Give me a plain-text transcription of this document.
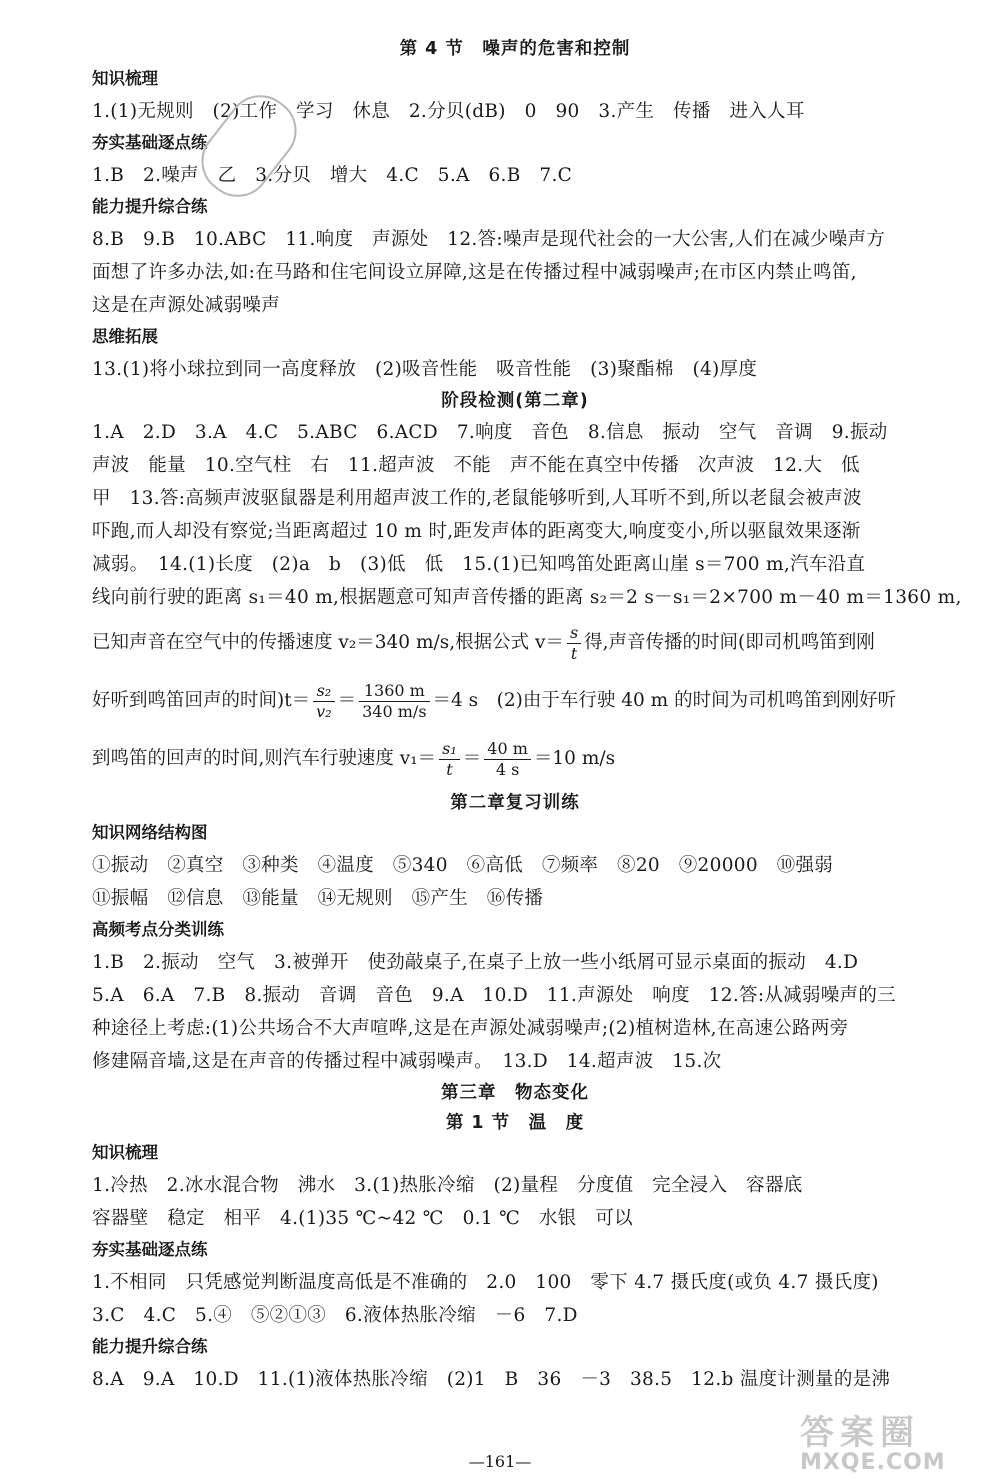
第 4 节　噪声的危害和控制
知识梳理
1.(1)无规则　(2)工作　学习　休息　2.分贝(dB)　0　90　3.产生　传播　进入人耳
夯实基础逐点练
1.B　2.噪声　乙　3.分贝　增大　4.C　5.A　6.B　7.C
能力提升综合练
8.B　9.B　10.ABC　11.响度　声源处　12.答:噪声是现代社会的一大公害,人们在减少噪声方
面想了许多办法,如:在马路和住宅间设立屏障,这是在传播过程中减弱噪声;在市区内禁止鸣笛,
这是在声源处减弱噪声
思维拓展
13.(1)将小球拉到同一高度释放　(2)吸音性能　吸音性能　(3)聚酯棉　(4)厚度
阶段检测(第二章)
1.A　2.D　3.A　4.C　5.ABC　6.ACD　7.响度　音色　8.信息　振动　空气　音调　9.振动
声波　能量　10.空气柱　右　11.超声波　不能　声不能在真空中传播　次声波　12.大　低
甲　13.答:高频声波驱鼠器是利用超声波工作的,老鼠能够听到,人耳听不到,所以老鼠会被声波
吓跑,而人却没有察觉;当距离超过 10 m 时,距发声体的距离变大,响度变小,所以驱鼠效果逐渐
减弱。　14.(1)长度　(2)a　b　(3)低　低　15.(1)已知鸣笛处距离山崖 s＝700 m,汽车沿直
线向前行驶的距离 s₁＝40 m,根据题意可知声音传播的距离 s₂＝2 s－s₁＝2×700 m－40 m＝1360 m,
已知声音在空气中的传播速度 v₂＝340 m/s,根据公式 $v= \frac{s}{t}$ 得,声音传播的时间(即司机鸣笛到刚
好听到鸣笛回声的时间)$t= \frac{\text{s₂}}{\text{v₂}} = \frac{1360 m}{340 m/s} =4$ s　(2)由于车行驶 40 m 的时间为司机鸣笛到刚好听
到鸣笛的回声的时间,则汽车行驶速度 $v_1= \frac{\text{s₁}}{t} = \frac{40 m}{4 s} =10$ m/s
第二章复习训练
知识网络结构图
①振动　②真空　③种类　④温度　⑤340　⑥高低　⑦频率　⑧20　⑨20000　⑩强弱
⑪振幅　⑫信息　⑬能量　⑭无规则　⑮产生　⑯传播
高频考点分类训练
1.B　2.振动　空气　3.被弹开　使劲敲桌子,在桌子上放一些小纸屑可显示桌面的振动　4.D
5.A　6.A　7.B　8.振动　音调　音色　9.A　10.D　11.声源处　响度　12.答:从减弱噪声的三
种途径上考虑:(1)公共场合不大声喧哗,这是在声源处减弱噪声;(2)植树造林,在高速公路两旁
修建隔音墙,这是在声音的传播过程中减弱噪声。　13.D　14.超声波　15.次
第三章　物态变化
第 1 节　温　度
知识梳理
1.冷热　2.冰水混合物　沸水　3.(1)热胀冷缩　(2)量程　分度值　完全浸入　容器底
容器壁　稳定　相平　4.(1)35 ℃~42 ℃　0.1 ℃　水银　可以
夯实基础逐点练
1.不相同　只凭感觉判断温度高低是不准确的　2.0　100　零下 4.7 摄氏度(或负 4.7 摄氏度)
3.C　4.C　5.④　⑤②①③　6.液体热胀冷缩　－6　7.D
能力提升综合练
8.A　9.A　10.D　11.(1)液体热胀冷缩　(2)1　B　36　－3　38.5　12.b 温度计测量的是沸
答案圈
MXQE.COM
—161—
